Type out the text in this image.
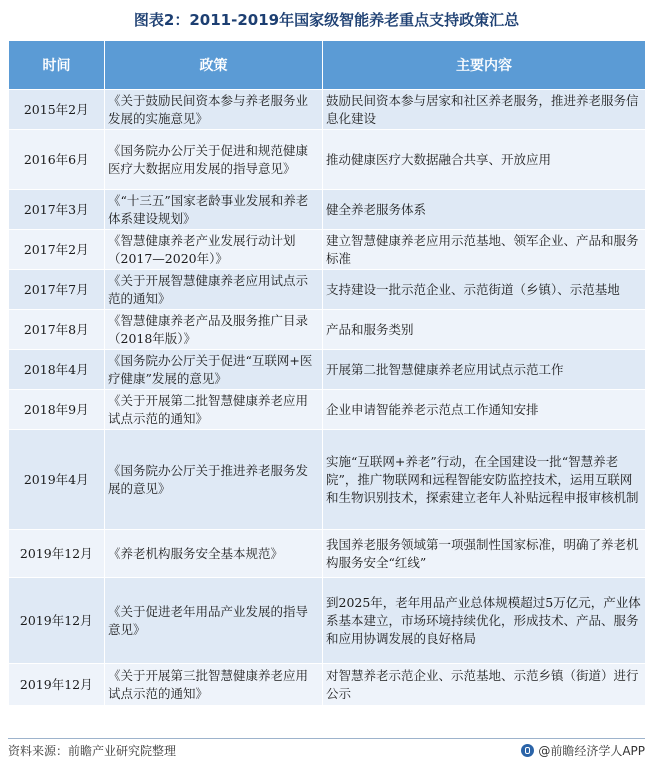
图表2：2011-2019年国家级智能养老重点支持政策汇总
时间	政策	主要内容
2015年2月	《关于鼓励民间资本参与养老服务业发展的实施意见》	鼓励民间资本参与居家和社区养老服务，推进养老服务信息化建设
2016年6月	《国务院办公厅关于促进和规范健康医疗大数据应用发展的指导意见》	推动健康医疗大数据融合共享、开放应用
2017年3月	《“十三五”国家老龄事业发展和养老体系建设规划》	健全养老服务体系
2017年2月	《智慧健康养老产业发展行动计划（2017—2020年）》	建立智慧健康养老应用示范基地、领军企业、产品和服务标准
2017年7月	《关于开展智慧健康养老应用试点示范的通知》	支持建设一批示范企业、示范街道（乡镇）、示范基地
2017年8月	《智慧健康养老产品及服务推广目录（2018年版）》	产品和服务类别
2018年4月	《国务院办公厅关于促进“互联网+医疗健康”发展的意见》	开展第二批智慧健康养老应用试点示范工作
2018年9月	《关于开展第二批智慧健康养老应用试点示范的通知》	企业申请智能养老示范点工作通知安排
2019年4月	《国务院办公厅关于推进养老服务发展的意见》	实施“互联网+养老”行动，在全国建设一批“智慧养老院”，推广物联网和远程智能安防监控技术，运用互联网和生物识别技术，探索建立老年人补贴远程申报审核机制
2019年12月	《养老机构服务安全基本规范》	我国养老服务领域第一项强制性国家标准，明确了养老机构服务安全“红线”
2019年12月	《关于促进老年用品产业发展的指导意见》	到2025年，老年用品产业总体规模超过5万亿元，产业体系基本建立，市场环境持续优化，形成技术、产品、服务和应用协调发展的良好格局
2019年12月	《关于开展第三批智慧健康养老应用试点示范的通知》	对智慧养老示范企业、示范基地、示范乡镇（街道）进行公示
资料来源：前瞻产业研究院整理	@前瞻经济学人APP
